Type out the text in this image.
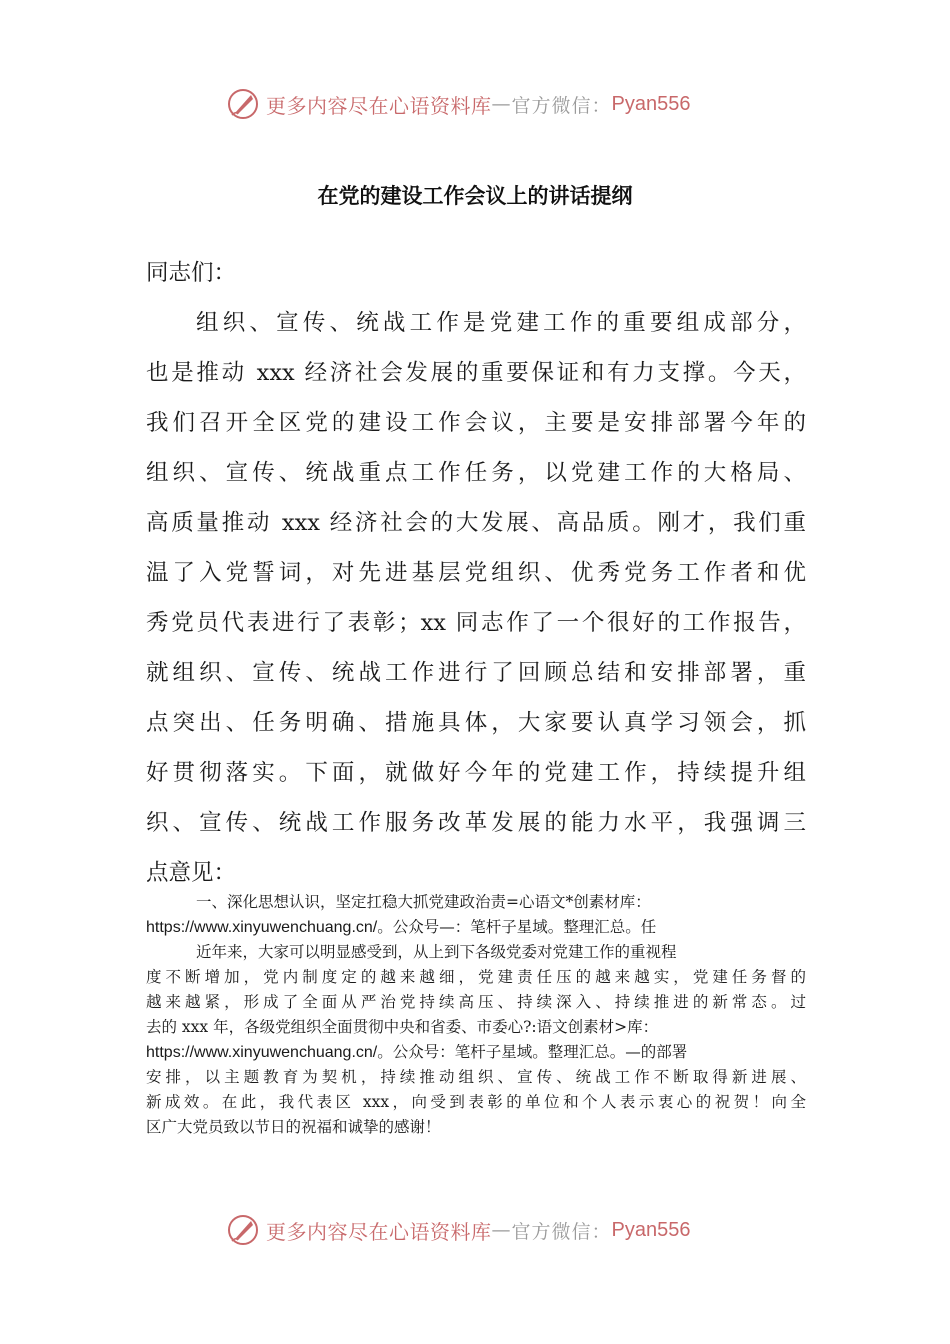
更多内容尽在心语资料库 — 官方微信： Pyan556
在党的建设工作会议上的讲话提纲
同志们：
组织、宣传、统战工作是党建工作的重要组成部分，
也是推动 xxx 经济社会发展的重要保证和有力支撑。今天，
我们召开全区党的建设工作会议，主要是安排部署今年的
组织、宣传、统战重点工作任务，以党建工作的大格局、
高质量推动 xxx 经济社会的大发展、高品质。刚才，我们重
温了入党誓词，对先进基层党组织、优秀党务工作者和优
秀党员代表进行了表彰；xx 同志作了一个很好的工作报告，
就组织、宣传、统战工作进行了回顾总结和安排部署，重
点突出、任务明确、措施具体，大家要认真学习领会，抓
好贯彻落实。下面，就做好今年的党建工作，持续提升组
织、宣传、统战工作服务改革发展的能力水平，我强调三
点意见：
一、深化思想认识，坚定扛稳大抓党建政治责=心语文*创素材库：
https://www.xinyuwenchuang.cn/。公众号—：笔杆子星域。整理汇总。任
近年来，大家可以明显感受到，从上到下各级党委对党建工作的重视程
度不断增加，党内制度定的越来越细，党建责任压的越来越实，党建任务督的
越来越紧，形成了全面从严治党持续高压、持续深入、持续推进的新常态。过
去的 xxx 年，各级党组织全面贯彻中央和省委、市委心?:语文创素材>库：
https://www.xinyuwenchuang.cn/。公众号：笔杆子星域。整理汇总。—的部署
安排，以主题教育为契机，持续推动组织、宣传、统战工作不断取得新进展、
新成效。在此，我代表区 xxx，向受到表彰的单位和个人表示衷心的祝贺！向全
区广大党员致以节日的祝福和诚挚的感谢！
更多内容尽在心语资料库 — 官方微信： Pyan556
